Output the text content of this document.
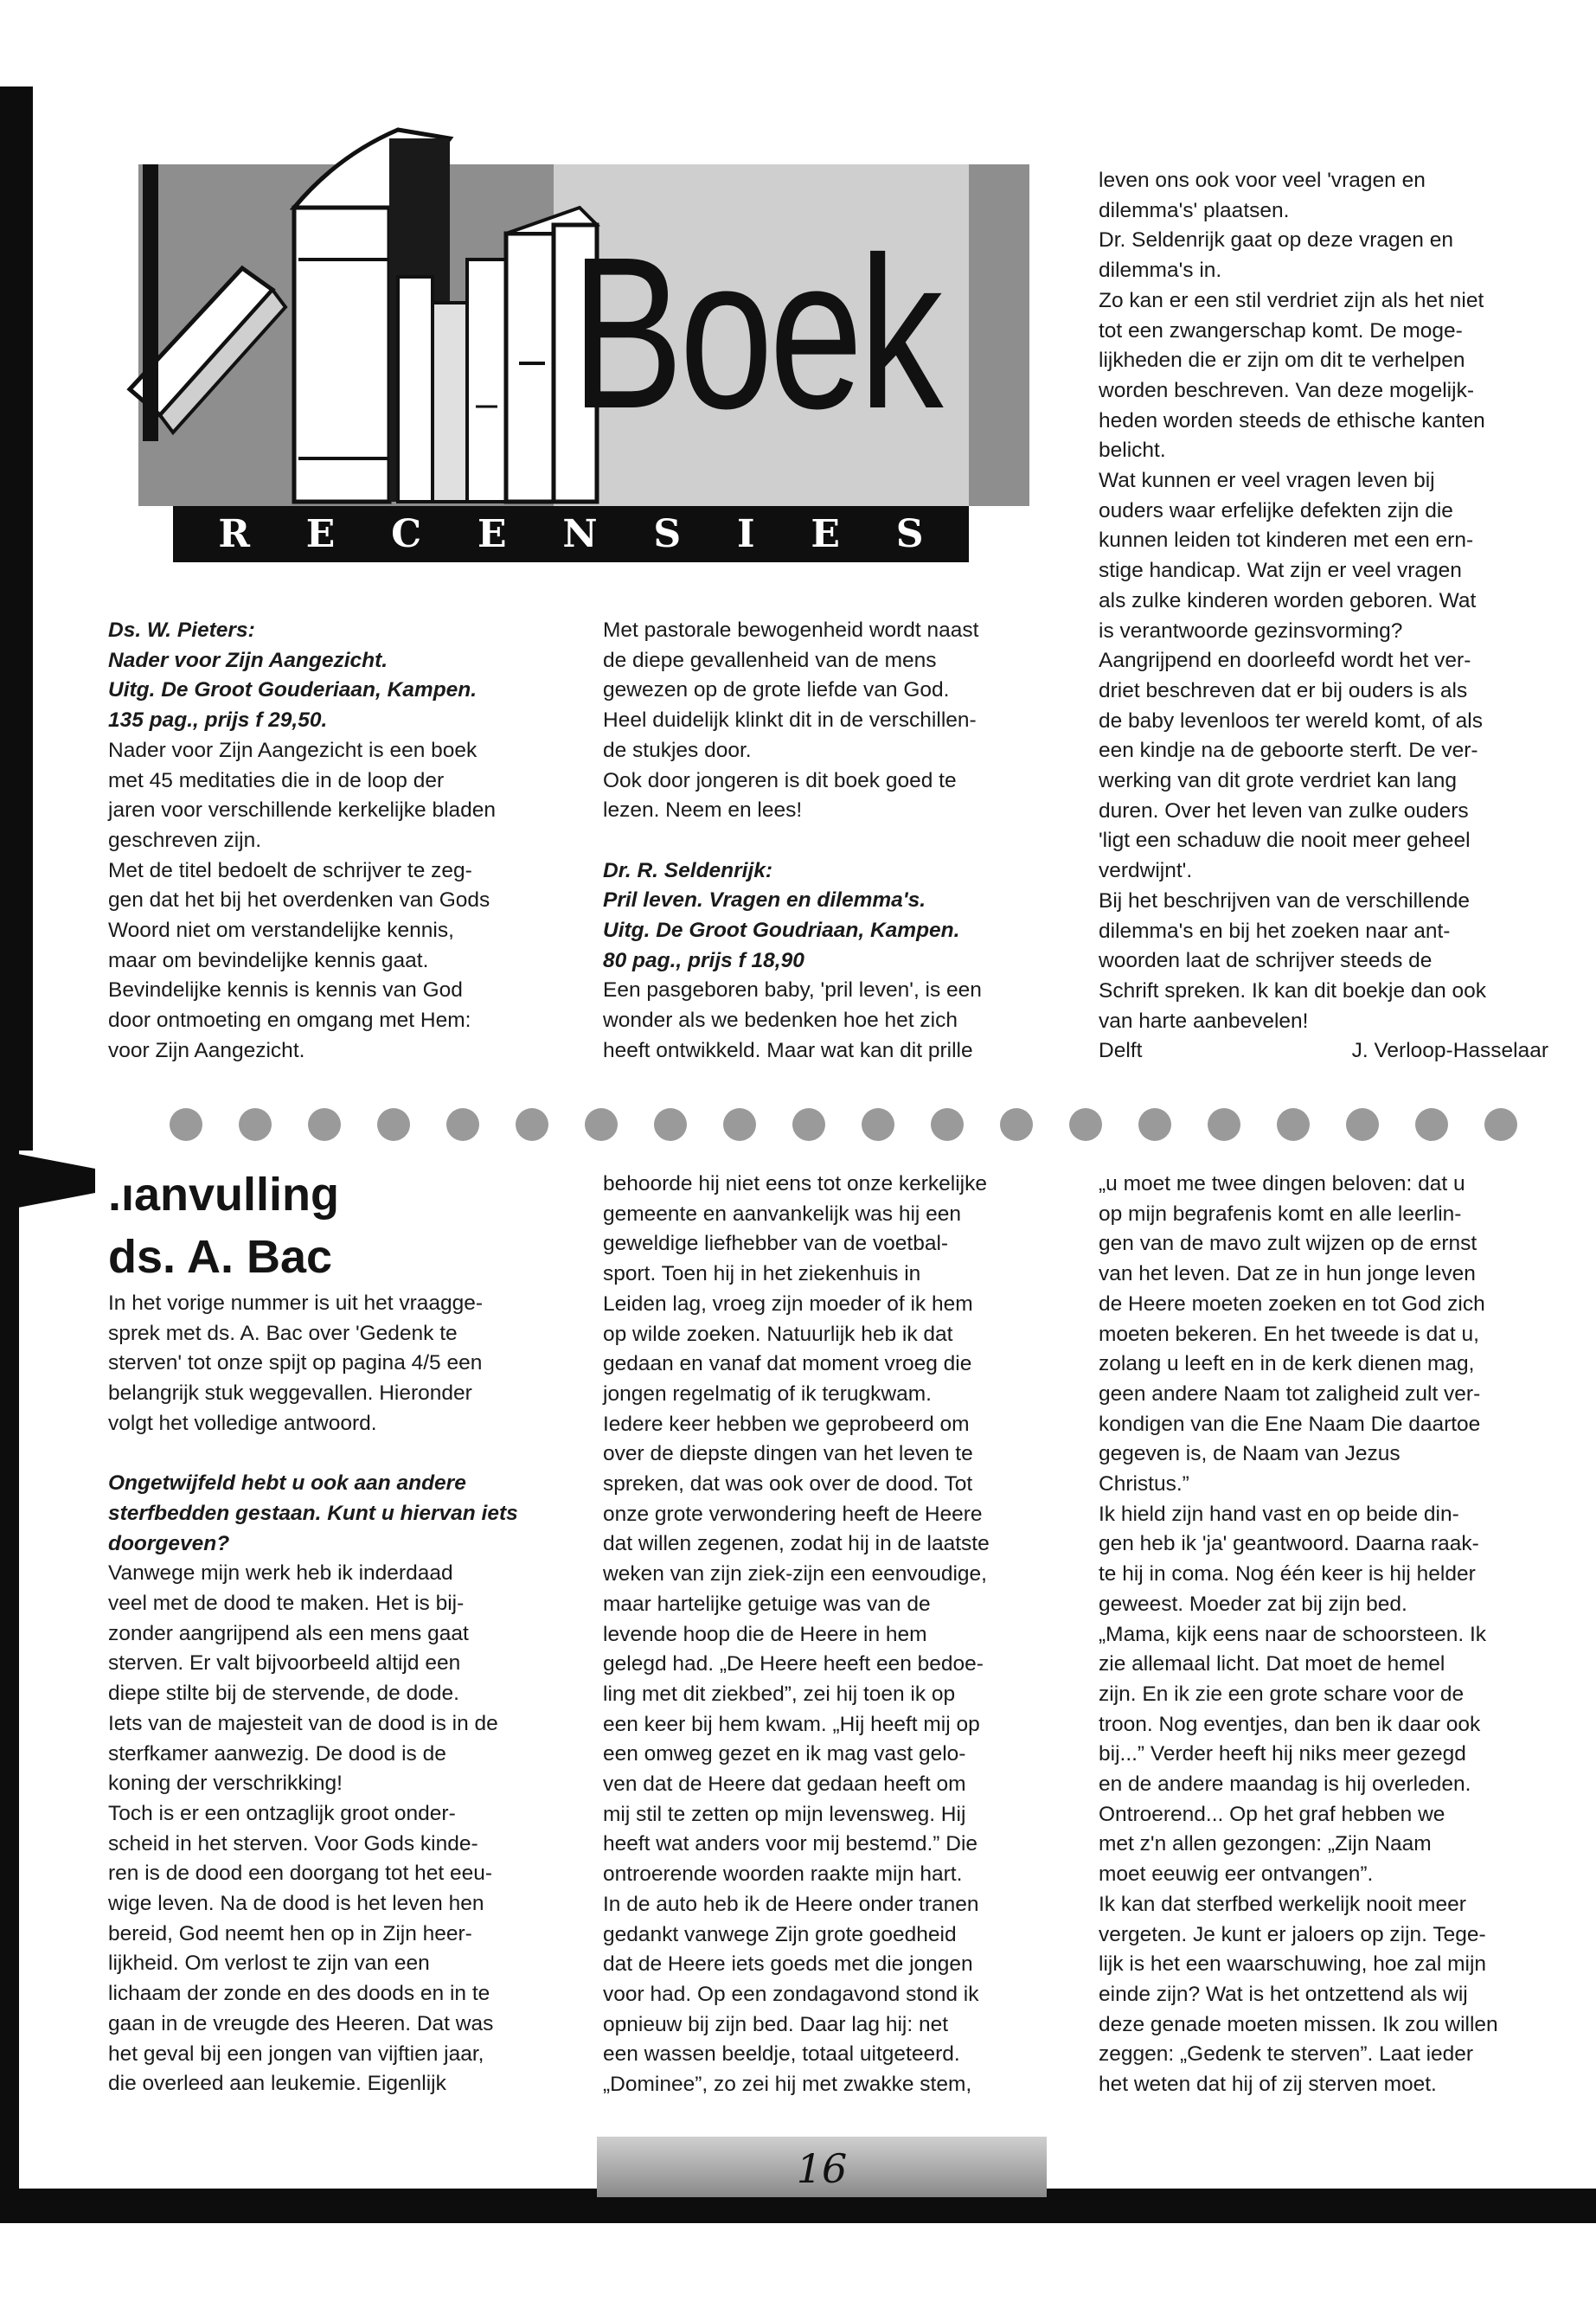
Boek
R E C E N S I E S

Ds. W. Pieters:

Nader voor Zijn Aangezicht.

Uitg. De Groot Gouderiaan, Kampen.

135 pag., prijs f 29,50.

Nader voor Zijn Aangezicht is een boek

met 45 meditaties die in de loop der

jaren voor verschillende kerkelijke bladen

geschreven zijn.

Met de titel bedoelt de schrijver te zeg-

gen dat het bij het overdenken van Gods

Woord niet om verstandelijke kennis,

maar om bevindelijke kennis gaat.

Bevindelijke kennis is kennis van God

door ontmoeting en omgang met Hem:

voor Zijn Aangezicht.

Met pastorale bewogenheid wordt naast

de diepe gevallenheid van de mens

gewezen op de grote liefde van God.

Heel duidelijk klinkt dit in de verschillen-

de stukjes door.

Ook door jongeren is dit boek goed te

lezen. Neem en lees!

Dr. R. Seldenrijk:

Pril leven. Vragen en dilemma's.

Uitg. De Groot Goudriaan, Kampen.

80 pag., prijs f 18,90

Een pasgeboren baby, 'pril leven', is een

wonder als we bedenken hoe het zich

heeft ontwikkeld. Maar wat kan dit prille

leven ons ook voor veel 'vragen en

dilemma's' plaatsen.

Dr. Seldenrijk gaat op deze vragen en

dilemma's in.

Zo kan er een stil verdriet zijn als het niet

tot een zwangerschap komt. De moge-

lijkheden die er zijn om dit te verhelpen

worden beschreven. Van deze mogelijk-

heden worden steeds de ethische kanten

belicht.

Wat kunnen er veel vragen leven bij

ouders waar erfelijke defekten zijn die

kunnen leiden tot kinderen met een ern-

stige handicap. Wat zijn er veel vragen

als zulke kinderen worden geboren. Wat

is verantwoorde gezinsvorming?

Aangrijpend en doorleefd wordt het ver-

driet beschreven dat er bij ouders is als

de baby levenloos ter wereld komt, of als

een kindje na de geboorte sterft. De ver-

werking van dit grote verdriet kan lang

duren. Over het leven van zulke ouders

'ligt een schaduw die nooit meer geheel

verdwijnt'.

Bij het beschrijven van de verschillende

dilemma's en bij het zoeken naar ant-

woorden laat de schrijver steeds de

Schrift spreken. Ik kan dit boekje dan ook

van harte aanbevelen!

Delft	J. Verloop-Hasselaar
.ıanvulling
ds. A. Bac

In het vorige nummer is uit het vraagge-

sprek met ds. A. Bac over 'Gedenk te

sterven' tot onze spijt op pagina 4/5 een

belangrijk stuk weggevallen. Hieronder

volgt het volledige antwoord.

Ongetwijfeld hebt u ook aan andere

sterfbedden gestaan. Kunt u hiervan iets

doorgeven?

Vanwege mijn werk heb ik inderdaad

veel met de dood te maken. Het is bij-

zonder aangrijpend als een mens gaat

sterven. Er valt bijvoorbeeld altijd een

diepe stilte bij de stervende, de dode.

Iets van de majesteit van de dood is in de

sterfkamer aanwezig. De dood is de

koning der verschrikking!

Toch is er een ontzaglijk groot onder-

scheid in het sterven. Voor Gods kinde-

ren is de dood een doorgang tot het eeu-

wige leven. Na de dood is het leven hen

bereid, God neemt hen op in Zijn heer-

lijkheid. Om verlost te zijn van een

lichaam der zonde en des doods en in te

gaan in de vreugde des Heeren. Dat was

het geval bij een jongen van vijftien jaar,

die overleed aan leukemie. Eigenlijk

behoorde hij niet eens tot onze kerkelijke

gemeente en aanvankelijk was hij een

geweldige liefhebber van de voetbal-

sport. Toen hij in het ziekenhuis in

Leiden lag, vroeg zijn moeder of ik hem

op wilde zoeken. Natuurlijk heb ik dat

gedaan en vanaf dat moment vroeg die

jongen regelmatig of ik terugkwam.

Iedere keer hebben we geprobeerd om

over de diepste dingen van het leven te

spreken, dat was ook over de dood. Tot

onze grote verwondering heeft de Heere

dat willen zegenen, zodat hij in de laatste

weken van zijn ziek-zijn een eenvoudige,

maar hartelijke getuige was van de

levende hoop die de Heere in hem

gelegd had. „De Heere heeft een bedoe-

ling met dit ziekbed”, zei hij toen ik op

een keer bij hem kwam. „Hij heeft mij op

een omweg gezet en ik mag vast gelo-

ven dat de Heere dat gedaan heeft om

mij stil te zetten op mijn levensweg. Hij

heeft wat anders voor mij bestemd.” Die

ontroerende woorden raakte mijn hart.

In de auto heb ik de Heere onder tranen

gedankt vanwege Zijn grote goedheid

dat de Heere iets goeds met die jongen

voor had. Op een zondagavond stond ik

opnieuw bij zijn bed. Daar lag hij: net

een wassen beeldje, totaal uitgeteerd.

„Dominee”, zo zei hij met zwakke stem,

„u moet me twee dingen beloven: dat u

op mijn begrafenis komt en alle leerlin-

gen van de mavo zult wijzen op de ernst

van het leven. Dat ze in hun jonge leven

de Heere moeten zoeken en tot God zich

moeten bekeren. En het tweede is dat u,

zolang u leeft en in de kerk dienen mag,

geen andere Naam tot zaligheid zult ver-

kondigen van die Ene Naam Die daartoe

gegeven is, de Naam van Jezus

Christus.”

Ik hield zijn hand vast en op beide din-

gen heb ik 'ja' geantwoord. Daarna raak-

te hij in coma. Nog één keer is hij helder

geweest. Moeder zat bij zijn bed.

„Mama, kijk eens naar de schoorsteen. Ik

zie allemaal licht. Dat moet de hemel

zijn. En ik zie een grote schare voor de

troon. Nog eventjes, dan ben ik daar ook

bij...” Verder heeft hij niks meer gezegd

en de andere maandag is hij overleden.

Ontroerend... Op het graf hebben we

met z'n allen gezongen: „Zijn Naam

moet eeuwig eer ontvangen”.

Ik kan dat sterfbed werkelijk nooit meer

vergeten. Je kunt er jaloers op zijn. Tege-

lijk is het een waarschuwing, hoe zal mijn

einde zijn? Wat is het ontzettend als wij

deze genade moeten missen. Ik zou willen

zeggen: „Gedenk te sterven”. Laat ieder

het weten dat hij of zij sterven moet.

16
